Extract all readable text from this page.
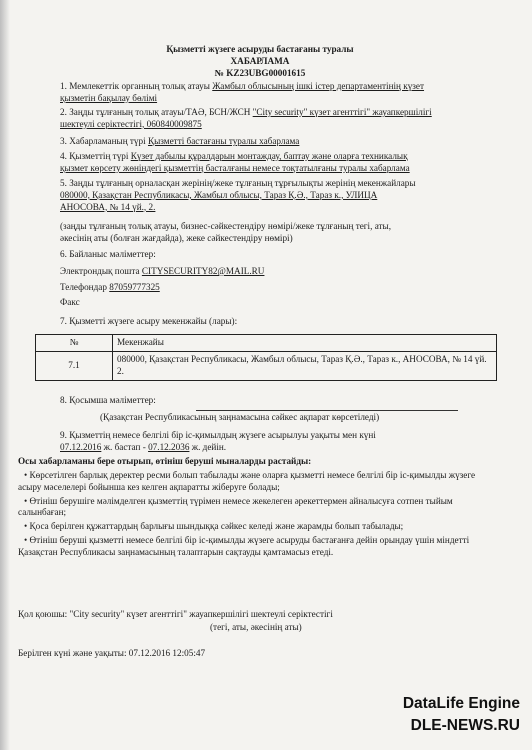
Қызметті жүзеге асыруды бастағаны туралы
ХАБАРЛАМА
№ KZ23UBG00001615
1. Мемлекеттік органның толық атауы Жамбыл облысының ішкі істер департаментінің күзет
қызметін бақылау бөлімі
2. Заңды тұлғаның толық атауы/ТАӘ, БСН/ЖСН "City security" күзет агенттігі" жауапкершілігі
шектеулі серіктестігі, 060840009875
3. Хабарламаның түрі Қызметті бастағаны туралы хабарлама
4. Қызметтің түрі Күзет дабылы құралдарын монтаждау, баптау және оларға техникалық
қызмет көрсету жөніндегі қызметтің басталғаны немесе тоқтатылғаны туралы хабарлама
5. Заңды тұлғаның орналасқан жерінің/жеке тұлғаның тұрғылықты жерінің мекенжайлары
080000, Қазақстан Республикасы, Жамбыл облысы, Тараз Қ.Ә., Тараз к., УЛИЦА
АНОСОВА, № 14 үй., 2.
(заңды тұлғаның толық атауы, бизнес-сәйкестендіру нөмірі/жеке тұлғаның тегі, аты,
әкесінің аты (болған жағдайда), жеке сәйкестендіру нөмірі)
6. Байланыс мәліметтер:
Электрондық пошта CITYSECURITY82@MAIL.RU
Телефондар 87059777325
Факс
7. Қызметті жүзеге асыру мекенжайы (лары):
№	Мекенжайы
7.1	080000, Қазақстан Республикасы, Жамбыл облысы, Тараз Қ.Ә., Тараз к., АНОСОВА, № 14 үй. 2.
8. Қосымша мәліметтер:
(Қазақстан Республикасының заңнамасына сәйкес ақпарат көрсетіледі)
9. Қызметтің немесе белгілі бір іс-қимылдың жүзеге асырылуы уақыты мен күні
07.12.2016 ж. бастап - 07.12.2036 ж. дейін.
Осы хабарламаны бере отырып, өтініш беруші мыналарды растайды:

• Көрсетілген барлық деректер ресми болып табылады және оларға қызметті немесе белгілі бір іс-қимылды жүзеге асыру мәселелері бойынша кез келген ақпаратты жіберуге болады;

• Өтініш берушіге мәлімделген қызметтің түрімен немесе жекелеген әрекеттермен айналысуға сотпен тыйым салынбаған;

• Қоса берілген құжаттардың барлығы шындыққа сәйкес келеді және жарамды болып табылады;

• Өтініш беруші қызметті немесе белгілі бір іс-қимылды жүзеге асыруды бастағанға дейін орындау үшін міндетті Қазақстан Республикасы заңнамасының талаптарын сақтауды қамтамасыз етеді.

Қол қоюшы: "City security" күзет агенттігі" жауапкершілігі шектеулі серіктестігі
(тегі, аты, әкесінің аты)
Берілген күні және уақыты: 07.12.2016 12:05:47
DataLife Engine
DLE-NEWS.RU
